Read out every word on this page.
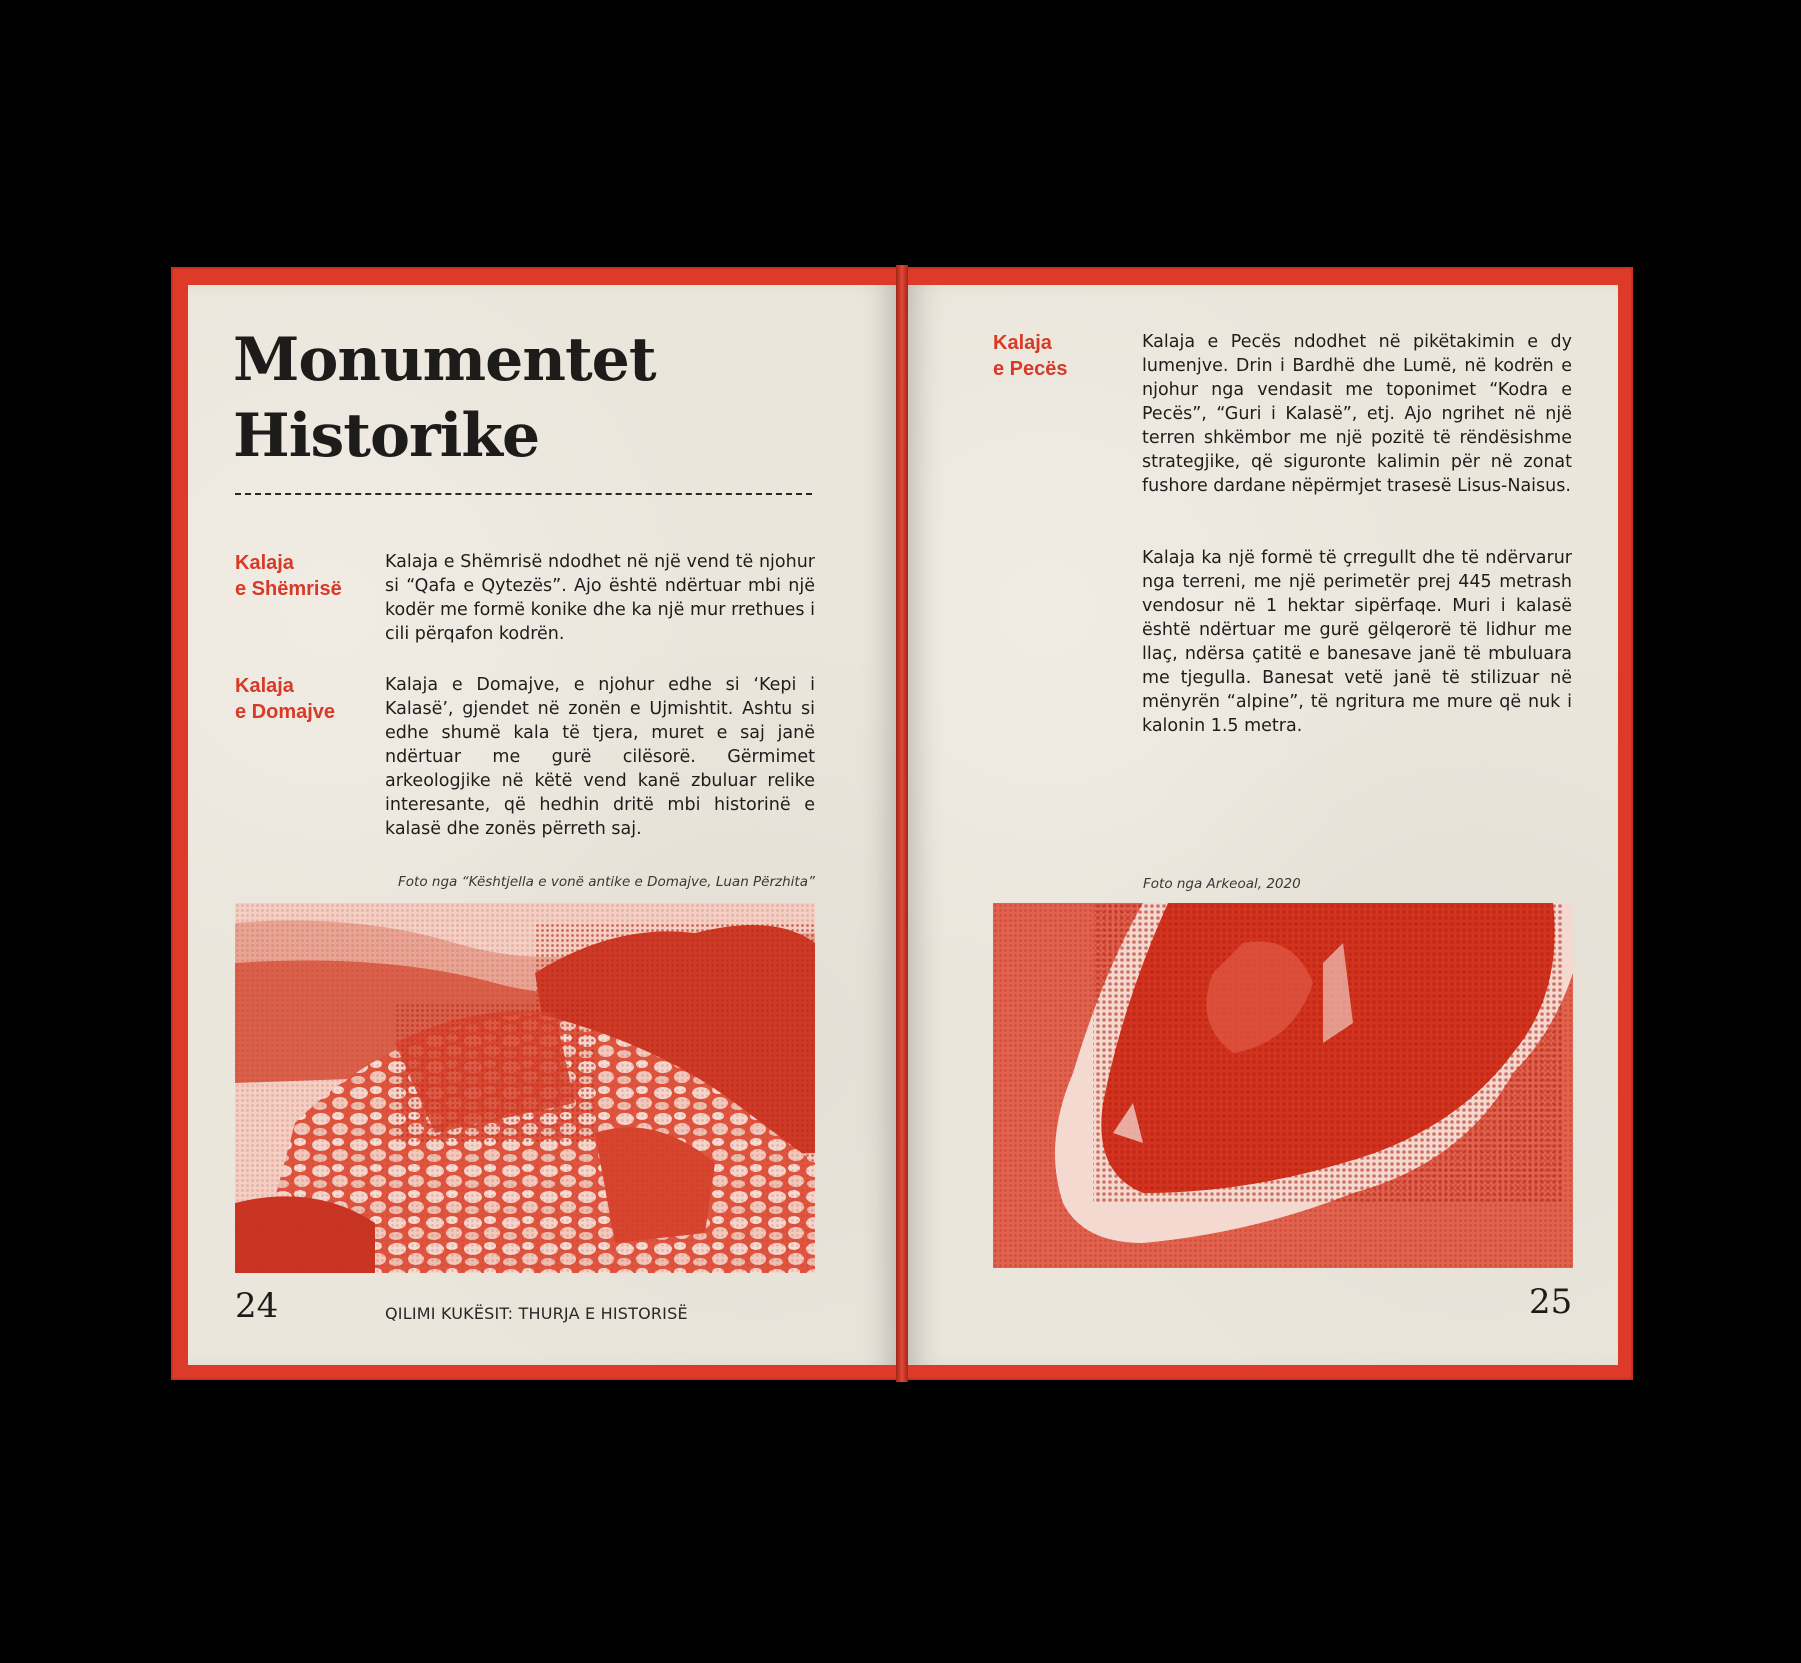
Monumentet
Historike

Kalaja
e Shëmrisë

Kalaja e Shëmrisë ndodhet në një vend të njohur si “Qafa e Qytezës”. Ajo është ndërtuar mbi një kodër me formë konike dhe ka një mur rrethues i cili përqafon kodrën.

Kalaja
e Domajve

Kalaja e Domajve, e njohur edhe si ‘Kepi i Kalasë’, gjendet në zonën e Ujmishtit. Ashtu si edhe shumë kala të tjera, muret e saj janë ndërtuar me gurë cilësorë. Gërmimet arkeologjike në këtë vend kanë zbuluar relike interesante, që hedhin dritë mbi historinë e kalasë dhe zonës përreth saj.

Foto nga “Kështjella e vonë antike e Domajve, Luan Përzhita”

24	QILIMI KUKËSIT: THURJA E HISTORISË

Kalaja
e Pecës

Kalaja e Pecës ndodhet në pikëtakimin e dy lumenjve. Drin i Bardhë dhe Lumë, në kodrën e njohur nga vendasit me toponimet “Kodra e Pecës”, “Guri i Kalasë”, etj. Ajo ngrihet në një terren shkëmbor me një pozitë të rëndësishme strategjike, që siguronte kalimin për në zonat fushore dardane nëpërmjet trasesë Lisus-Naisus.

Kalaja ka një formë të çrregullt dhe të ndërvarur nga terreni, me një perimetër prej 445 metrash vendosur në 1 hektar sipërfaqe. Muri i kalasë është ndërtuar me gurë gëlqerorë të lidhur me llaç, ndërsa çatitë e banesave janë të mbuluara me tjegulla. Banesat vetë janë të stilizuar në mënyrën “alpine”, të ngritura me mure që nuk i kalonin 1.5 metra.

Foto nga Arkeoal, 2020

25
